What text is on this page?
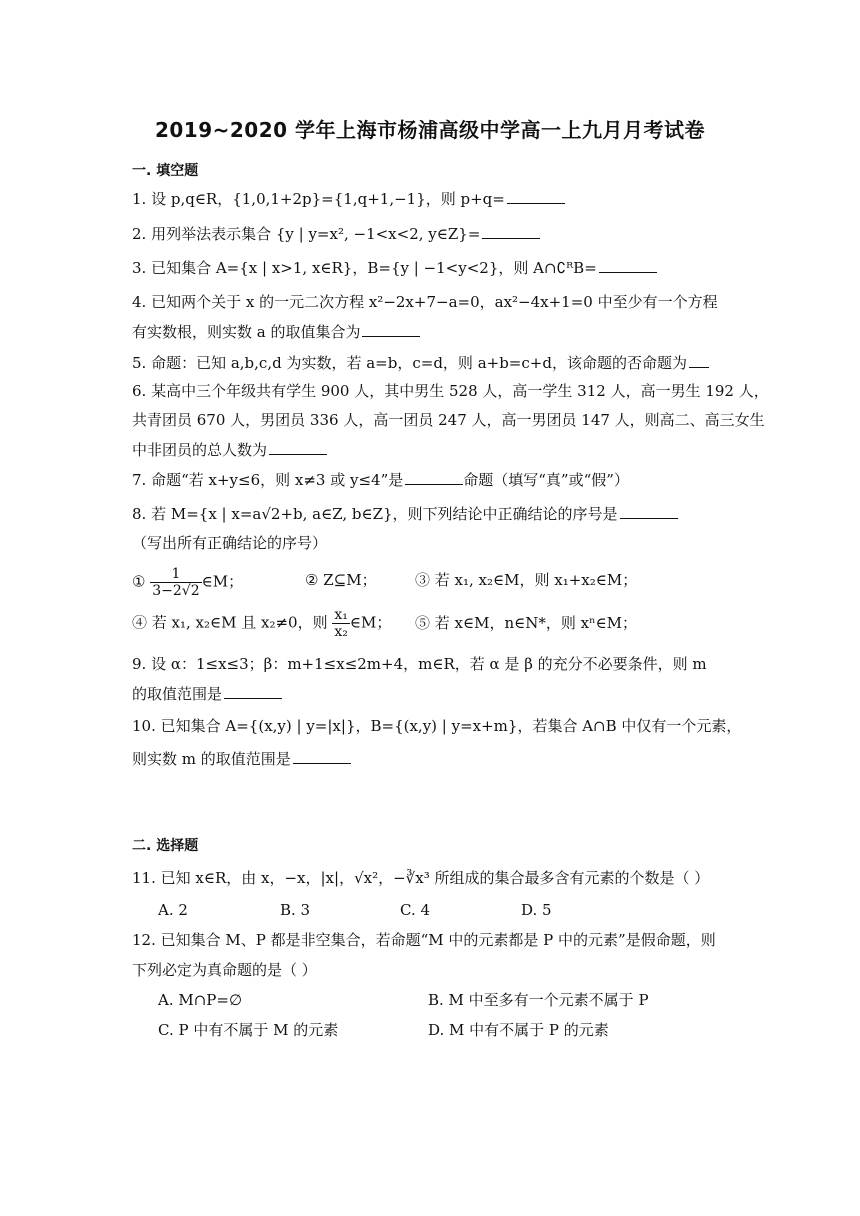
2019~2020 学年上海市杨浦高级中学高一上九月月考试卷
一. 填空题
1. 设 p,q∈R，{1,0,1+2p}={1,q+1,−1}，则 p+q=
2. 用列举法表示集合 {y | y=x², −1<x<2, y∈Z}=
3. 已知集合 A={x | x>1, x∈R}，B={y | −1<y<2}，则 A∩∁ᴿB=
4. 已知两个关于 x 的一元二次方程 x²−2x+7−a=0，ax²−4x+1=0 中至少有一个方程
有实数根，则实数 a 的取值集合为
5. 命题：已知 a,b,c,d 为实数，若 a=b，c=d，则 a+b=c+d，该命题的否命题为
6. 某高中三个年级共有学生 900 人，其中男生 528 人，高一学生 312 人，高一男生 192 人，
共青团员 670 人，男团员 336 人，高一团员 247 人，高一男团员 147 人，则高二、高三女生
中非团员的总人数为
7. 命题“若 x+y≤6，则 x≠3 或 y≤4”是	命题（填写“真”或“假”）
8. 若 M={x | x=a√2+b, a∈Z, b∈Z}，则下列结论中正确结论的序号是
（写出所有正确结论的序号）
① $\frac{1}{3-2√2}$ ∈M；	② Z⊆M；	③ 若 x₁, x₂∈M，则 x₁+x₂∈M；
④ 若 x₁, x₂∈M 且 x₂≠0，则 $\frac{\text{x₁}}{\text{x₂}}$ ∈M； ⑤ 若 x∈M，n∈N*，则 xⁿ∈M；
9. 设 α：1≤x≤3；β：m+1≤x≤2m+4，m∈R，若 α 是 β 的充分不必要条件，则 m
的取值范围是
10. 已知集合 A={(x,y) | y=|x|}，B={(x,y) | y=x+m}，若集合 A∩B 中仅有一个元素，
则实数 m 的取值范围是
二. 选择题
11. 已知 x∈R，由 x，−x，|x|，√x²，−∛x³ 所组成的集合最多含有元素的个数是（ ）
A. 2	B. 3	C. 4	D. 5
12. 已知集合 M、P 都是非空集合，若命题“M 中的元素都是 P 中的元素”是假命题，则
下列必定为真命题的是（ ）
A. M∩P=∅	B. M 中至多有一个元素不属于 P
C. P 中有不属于 M 的元素	D. M 中有不属于 P 的元素
